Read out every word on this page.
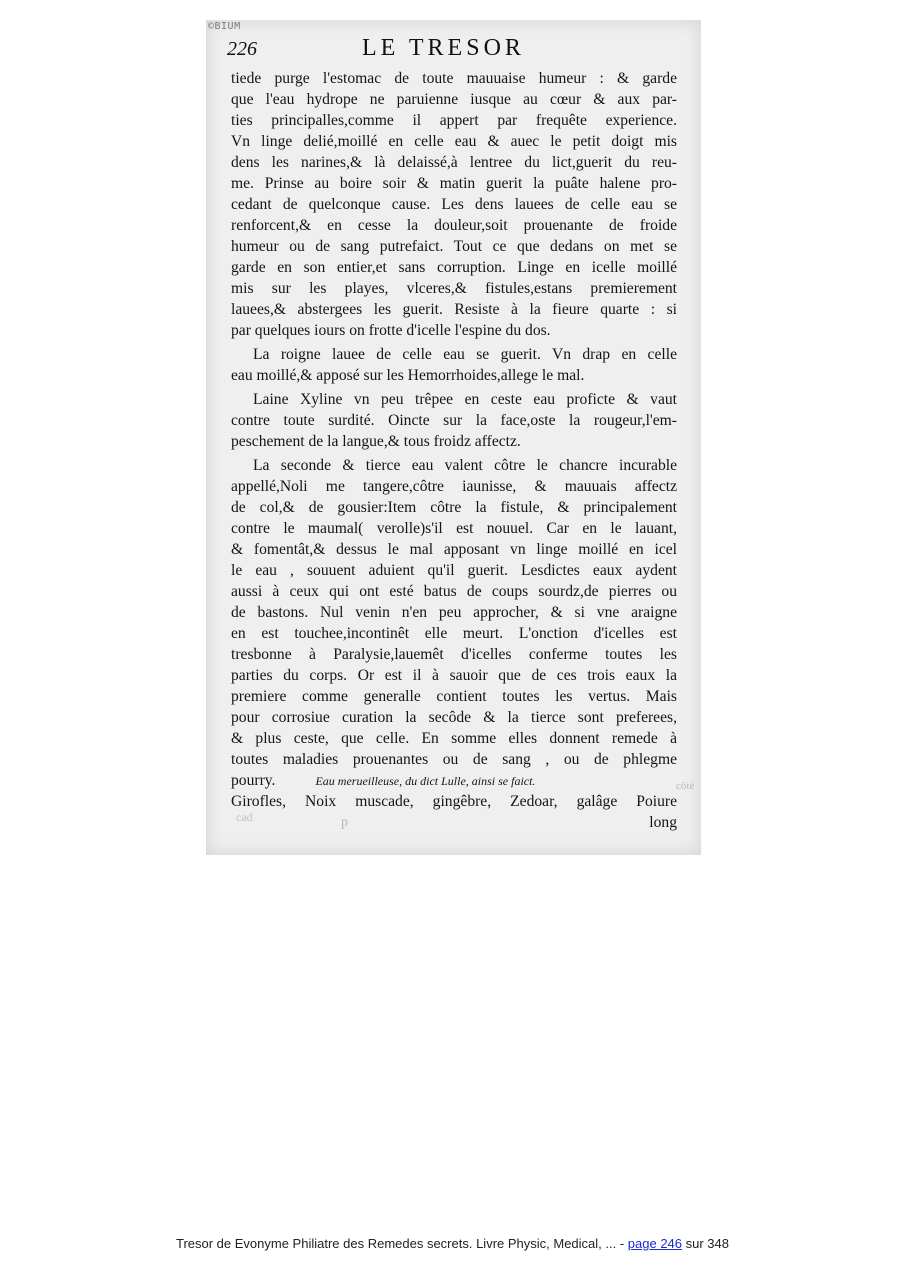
©BIUM
226	LE TRESOR
tiede purge l'estomac de toute mauuaise humeur : & garde
que l'eau hydrope ne paruienne iusque au cœur & aux par-
ties principalles,comme il appert par frequête experience.
Vn linge delié,moillé en celle eau & auec le petit doigt mis
dens les narines,& là delaissé,à lentree du lict,guerit du reu-
me. Prinse au boire soir & matin guerit la puâte halene pro-
cedant de quelconque cause. Les dens lauees de celle eau se
renforcent,& en cesse la douleur,soit prouenante de froide
humeur ou de sang putrefaict. Tout ce que dedans on met se
garde en son entier,et sans corruption. Linge en icelle moillé
mis sur les playes, vlceres,& fistules,estans premierement
lauees,& abstergees les guerit. Resiste à la fieure quarte : si
par quelques iours on frotte d'icelle l'espine du dos.
La roigne lauee de celle eau se guerit. Vn drap en celle
eau moillé,& apposé sur les Hemorrhoides,allege le mal.
Laine Xyline vn peu trêpee en ceste eau proficte & vaut
contre toute surdité. Oincte sur la face,oste la rougeur,l'em-
peschement de la langue,& tous froidz affectz.
La seconde & tierce eau valent côtre le chancre incurable
appellé,Noli me tangere,côtre iaunisse, & mauuais affectz
de col,& de gousier:Item côtre la fistule, & principalement
contre le maumal( verolle)s'il est nouuel. Car en le lauant,
& fomentât,& dessus le mal apposant vn linge moillé en icel
le eau , souuent aduient qu'il guerit. Lesdictes eaux aydent
aussi à ceux qui ont esté batus de coups sourdz,de pierres ou
de bastons. Nul venin n'en peu approcher, & si vne araigne
en est touchee,incontinêt elle meurt. L'onction d'icelles est
tresbonne à Paralysie,lauemêt d'icelles conferme toutes les
parties du corps. Or est il à sauoir que de ces trois eaux la
premiere comme generalle contient toutes les vertus. Mais
pour corrosiue curation la secôde & la tierce sont preferees,
& plus ceste, que celle. En somme elles donnent remede à
toutes maladies prouenantes ou de sang , ou de phlegme
pourry.	Eau merueilleuse, du dict Lulle, ainsi se faict.
Girofles, Noix muscade, gingêbre, Zedoar, galâge Poiure
long
côté
cad	p
Tresor de Evonyme Philiatre des Remedes secrets. Livre Physic, Medical, ... - page 246 sur 348
